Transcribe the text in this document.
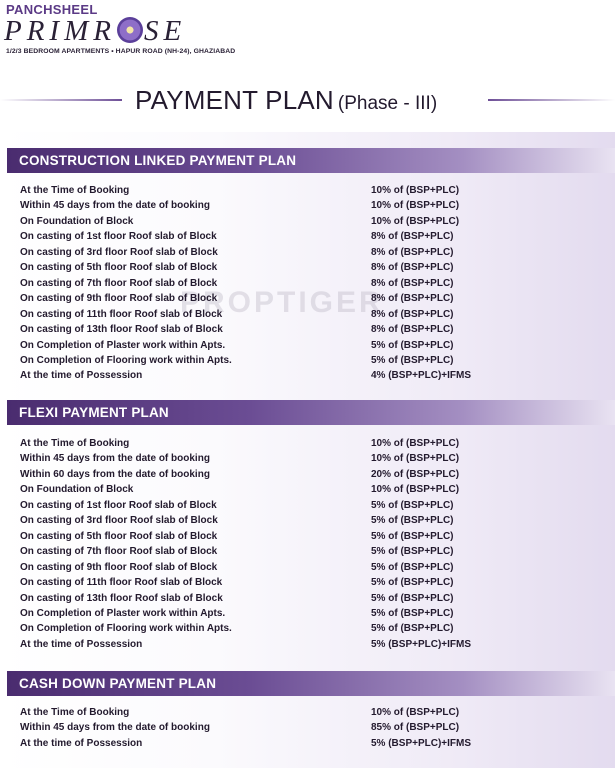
PANCHSHEEL
PRIMR SE
1/2/3 BEDROOM APARTMENTS • HAPUR ROAD (NH-24), GHAZIABAD
PAYMENT PLAN (Phase - III)
PROPTIGER
CONSTRUCTION LINKED PAYMENT PLAN
At the Time of Booking	10% of (BSP+PLC)
Within 45 days from the date of booking	10% of (BSP+PLC)
On Foundation of Block	10% of (BSP+PLC)
On casting of 1st floor Roof slab of Block	8% of (BSP+PLC)
On casting of 3rd floor Roof slab of Block	8% of (BSP+PLC)
On casting of 5th floor Roof slab of Block	8% of (BSP+PLC)
On casting of 7th floor Roof slab of Block	8% of (BSP+PLC)
On casting of 9th floor Roof slab of Block	8% of (BSP+PLC)
On casting of 11th floor Roof slab of Block	8% of (BSP+PLC)
On casting of 13th floor Roof slab of Block	8% of (BSP+PLC)
On Completion of Plaster work within Apts.	5% of (BSP+PLC)
On Completion of Flooring work within Apts.	5% of (BSP+PLC)
At the time of Possession	4% (BSP+PLC)+IFMS
FLEXI PAYMENT PLAN
At the Time of Booking	10% of (BSP+PLC)
Within 45 days from the date of booking	10% of (BSP+PLC)
Within 60 days from the date of booking	20% of (BSP+PLC)
On Foundation of Block	10% of (BSP+PLC)
On casting of 1st floor Roof slab of Block	5% of (BSP+PLC)
On casting of 3rd floor Roof slab of Block	5% of (BSP+PLC)
On casting of 5th floor Roof slab of Block	5% of (BSP+PLC)
On casting of 7th floor Roof slab of Block	5% of (BSP+PLC)
On casting of 9th floor Roof slab of Block	5% of (BSP+PLC)
On casting of 11th floor Roof slab of Block	5% of (BSP+PLC)
On casting of 13th floor Roof slab of Block	5% of (BSP+PLC)
On Completion of Plaster work within Apts.	5% of (BSP+PLC)
On Completion of Flooring work within Apts.	5% of (BSP+PLC)
At the time of Possession	5% (BSP+PLC)+IFMS
CASH DOWN PAYMENT PLAN
At the Time of Booking	10% of (BSP+PLC)
Within 45 days from the date of booking	85% of (BSP+PLC)
At the time of Possession	5% (BSP+PLC)+IFMS
